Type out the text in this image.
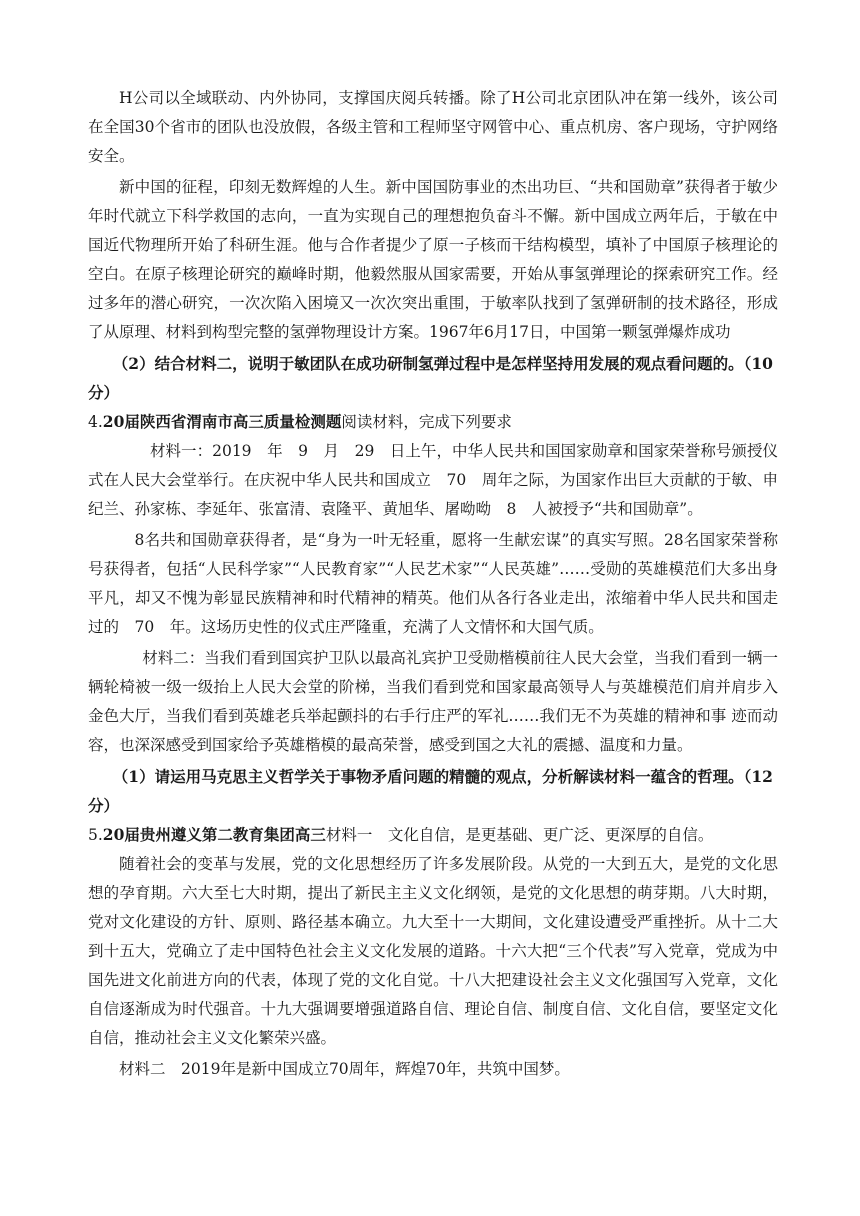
H公司以全域联动、内外协同，支撑国庆阅兵转播。除了H公司北京团队冲在第一线外，该公司在全国30个省市的团队也没放假，各级主管和工程师坚守网管中心、重点机房、客户现场，守护网络安全。

新中国的征程，印刻无数辉煌的人生。新中国国防事业的杰出功巨、“共和国勋章”获得者于敏少年时代就立下科学救国的志向，一直为实现自己的理想抱负奋斗不懈。新中国成立两年后，于敏在中国近代物理所开始了科研生涯。他与合作者提少了原一子核而干结构模型，填补了中国原子核理论的空白。在原子核理论研究的巅峰时期，他毅然服从国家需要，开始从事氢弹理论的探索研究工作。经过多年的潜心研究，一次次陷入困境又一次次突出重围，于敏率队找到了氢弹研制的技术路径，形成了从原理、材料到构型完整的氢弹物理设计方案。1967年6月17日，中国第一颗氢弹爆炸成功

（2）结合材料二，说明于敏团队在成功研制氢弹过程中是怎样坚持用发展的观点看问题的。（10分）

4.20届陕西省渭南市高三质量检测题阅读材料，完成下列要求

材料一：2019　年　9　月　29　日上午，中华人民共和国国家勋章和国家荣誉称号颁授仪式在人民大会堂举行。在庆祝中华人民共和国成立　70　周年之际，为国家作出巨大贡献的于敏、申纪兰、孙家栋、李延年、张富清、袁隆平、黄旭华、屠呦呦　8　人被授予“共和国勋章”。

8名共和国勋章获得者，是“身为一叶无轻重，愿将一生献宏谋”的真实写照。28名国家荣誉称号获得者，包括“人民科学家”“人民教育家”“人民艺术家”“人民英雄”……受勋的英雄模范们大多出身平凡，却又不愧为彰显民族精神和时代精神的精英。他们从各行各业走出，浓缩着中华人民共和国走过的　70　年。这场历史性的仪式庄严隆重，充满了人文情怀和大国气质。

材料二：当我们看到国宾护卫队以最高礼宾护卫受勋楷模前往人民大会堂，当我们看到一辆一辆轮椅被一级一级抬上人民大会堂的阶梯，当我们看到党和国家最高领导人与英雄模范们肩并肩步入金色大厅，当我们看到英雄老兵举起颤抖的右手行庄严的军礼……我们无不为英雄的精神和事 迹而动容，也深深感受到国家给予英雄楷模的最高荣誉，感受到国之大礼的震撼、温度和力量。

（1）请运用马克思主义哲学关于事物矛盾问题的精髓的观点，分析解读材料一蕴含的哲理。（12分）

5.20届贵州遵义第二教育集团高三材料一　文化自信，是更基础、更广泛、更深厚的自信。

随着社会的变革与发展，党的文化思想经历了许多发展阶段。从党的一大到五大，是党的文化思想的孕育期。六大至七大时期，提出了新民主主义文化纲领，是党的文化思想的萌芽期。八大时期，党对文化建设的方针、原则、路径基本确立。九大至十一大期间，文化建设遭受严重挫折。从十二大到十五大，党确立了走中国特色社会主义文化发展的道路。十六大把“三个代表”写入党章，党成为中国先进文化前进方向的代表，体现了党的文化自觉。十八大把建设社会主义文化强国写入党章，文化自信逐渐成为时代强音。十九大强调要增强道路自信、理论自信、制度自信、文化自信，要坚定文化自信，推动社会主义文化繁荣兴盛。

材料二　2019年是新中国成立70周年，辉煌70年，共筑中国梦。
